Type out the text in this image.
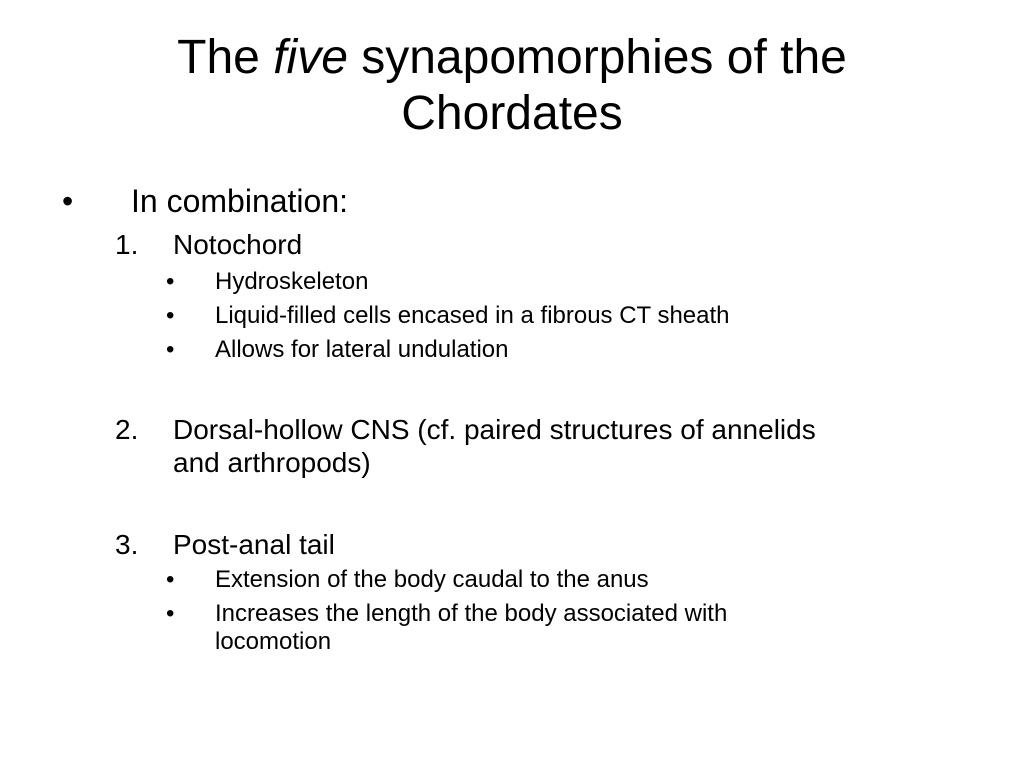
The five synapomorphies of the
Chordates
• In combination:
1. Notochord
• Hydroskeleton
• Liquid-filled cells encased in a fibrous CT sheath
• Allows for lateral undulation
2. Dorsal-hollow CNS (cf. paired structures of annelids
and arthropods)
3. Post-anal tail
• Extension of the body caudal to the anus
• Increases the length of the body associated with
locomotion
